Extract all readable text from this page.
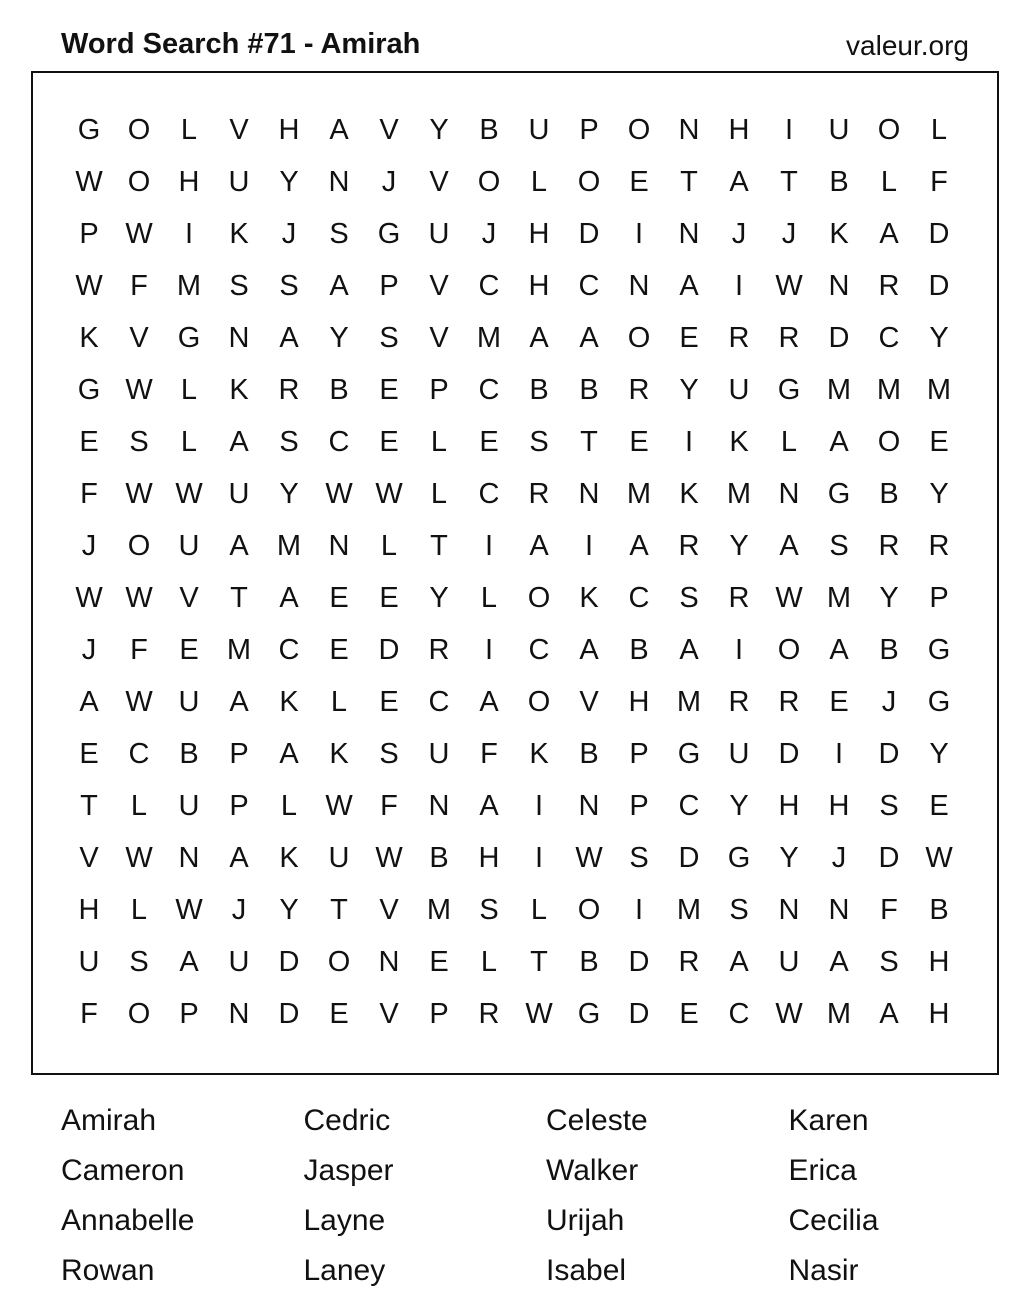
Word Search #71 - Amirah	valeur.org
G O	L	V	H	A	V	Y	B	U	P	O N	H	I	U O	L
W O H	U	Y	N	J	V	O	L	O	E	T	A	T	B	L	F
P W	I	K	J	S	G U	J	H	D	I	N	J	J	K	A	D
W F	M S	S	A	P	V	C	H	C	N	A	I	W N	R	D
K	V	G N	A	Y	S	V M A	A	O	E	R	R	D	C	Y
G W L	K	R	B	E	P	C	B	B	R	Y	U G M M M
E	S	L	A	S	C	E	L	E	S	T	E	I	K	L	A	O	E
F W W U	Y W W L	C	R	N M K M N G	B	Y
J	O U	A M N	L	T	I	A	I	A	R	Y	A	S	R	R
W W V	T	A	E	E	Y	L	O	K	C	S	R W M Y	P
J	F	E M C	E	D	R	I	C	A	B	A	I	O	A	B	G
A W U	A	K	L	E	C	A	O	V	H M R	R	E	J	G
E	C	B	P	A	K	S	U	F	K	B	P	G U	D	I	D	Y
T	L	U	P	L W F	N	A	I	N	P	C	Y	H	H	S	E
V W N	A	K	U W B	H	I	W S	D G	Y	J	D W
H	L W	J	Y	T	V M S	L	O	I	M S	N	N	F	B
U	S	A	U	D O N	E	L	T	B	D	R	A	U	A	S	H
F	O	P	N	D	E	V	P	R W G D	E	C W M A	H
Amirah	Cedric	Celeste	Karen
Cameron	Jasper	Walker	Erica
Annabelle	Layne	Urijah	Cecilia
Rowan	Laney	Isabel	Nasir
